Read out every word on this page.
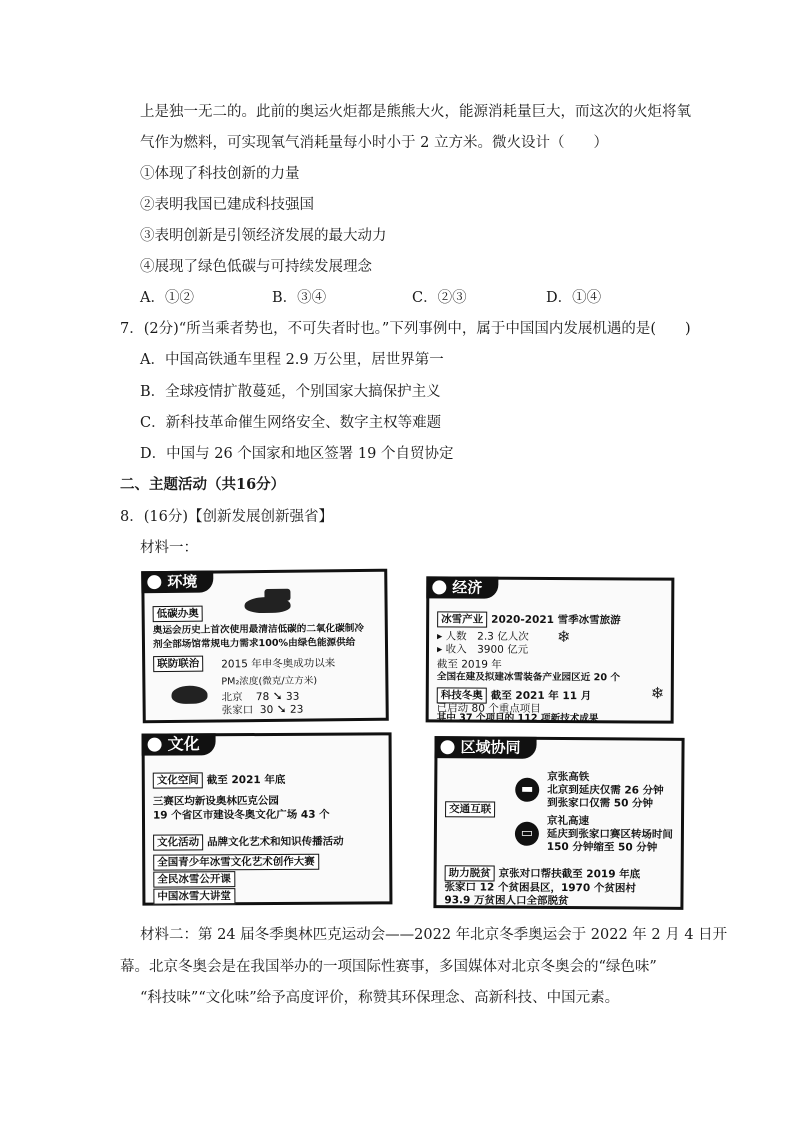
上是独一无二的。此前的奥运火炬都是熊熊大火，能源消耗量巨大，而这次的火炬将氧
气作为燃料，可实现氧气消耗量每小时小于 2 立方米。微火设计（　　）
①体现了科技创新的力量
②表明我国已建成科技强国
③表明创新是引领经济发展的最大动力
④展现了绿色低碳与可持续发展理念
A．①②	B．③④	C．②③	D．①④
7．(2分)“所当乘者势也，不可失者时也。”下列事例中，属于中国国内发展机遇的是(　　)
A．中国高铁通车里程 2.9 万公里，居世界第一
B．全球疫情扩散蔓延，个别国家大搞保护主义
C．新科技革命催生网络安全、数字主权等难题
D．中国与 26 个国家和地区签署 19 个自贸协定
二、主题活动（共16分）
8．(16分)【创新发展创新强省】
材料一：
环境
低碳办奥
奥运会历史上首次使用最清洁低碳的二氧化碳制冷
剂全部场馆常规电力需求100%由绿色能源供给
联防联治	2015 年申冬奥成功以来
PM₂浓度(微克/立方米)
北京 78 ➘ 33
张家口 30 ➘ 23
经济
冰雪产业 2020-2021 雪季冰雪旅游
▸ 人数　2.3 亿人次
▸ 收入　3900 亿元
❄
截至 2019 年
全国在建及拟建冰雪装备产业园区近 20 个
科技冬奥 截至 2021 年 11 月
已启动 80 个重点项目
其中 37 个项目的 112 项新技术成果
❄
文化
文化空间 截至 2021 年底
三赛区均新设奥林匹克公园
19 个省区市建设冬奥文化广场 43 个
文化活动 品牌文化艺术和知识传播活动
全国青少年冰雪文化艺术创作大赛
全民冰雪公开课
中国冰雪大讲堂
区域协同
▬
京张高铁
北京到延庆仅需 26 分钟
到张家口仅需 50 分钟
交通互联
▭
京礼高速
延庆到张家口赛区转场时间
150 分钟缩至 50 分钟
助力脱贫 京张对口帮扶截至 2019 年底
张家口 12 个贫困县区，1970 个贫困村
93.9 万贫困人口全部脱贫
材料二：第 24 届冬季奥林匹克运动会——2022 年北京冬季奥运会于 2022 年 2 月 4 日开
幕。北京冬奥会是在我国举办的一项国际性赛事，多国媒体对北京冬奥会的“绿色味”
“科技味”“文化味”给予高度评价，称赞其环保理念、高新科技、中国元素。
